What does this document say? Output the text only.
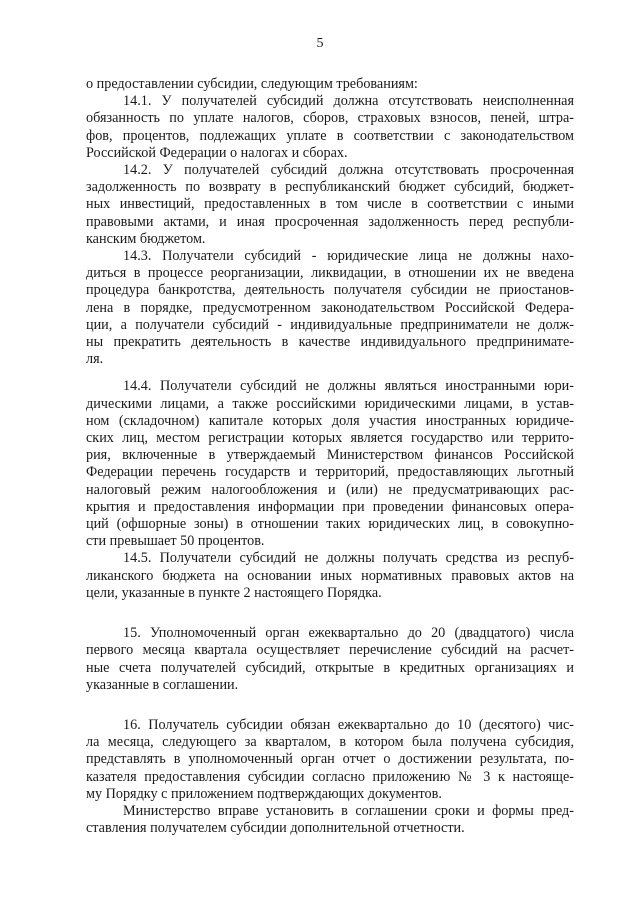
5
о предоставлении субсидии, следующим требованиям:
14.1. У получателей субсидий должна отсутствовать неисполненная
обязанность по уплате налогов, сборов, страховых взносов, пеней, штра-
фов, процентов, подлежащих уплате в соответствии с законодательством
Российской Федерации о налогах и сборах.
14.2. У получателей субсидий должна отсутствовать просроченная
задолженность по возврату в республиканский бюджет субсидий, бюджет-
ных инвестиций, предоставленных в том числе в соответствии с иными
правовыми актами, и иная просроченная задолженность перед республи-
канским бюджетом.
14.3. Получатели субсидий - юридические лица не должны нахо-
диться в процессе реорганизации, ликвидации, в отношении их не введена
процедура банкротства, деятельность получателя субсидии не приостанов-
лена в порядке, предусмотренном законодательством Российской Федера-
ции, а получатели субсидий - индивидуальные предприниматели не долж-
ны прекратить деятельность в качестве индивидуального предпринимате-
ля.
14.4. Получатели субсидий не должны являться иностранными юри-
дическими лицами, а также российскими юридическими лицами, в устав-
ном (складочном) капитале которых доля участия иностранных юридиче-
ских лиц, местом регистрации которых является государство или террито-
рия, включенные в утверждаемый Министерством финансов Российской
Федерации перечень государств и территорий, предоставляющих льготный
налоговый режим налогообложения и (или) не предусматривающих рас-
крытия и предоставления информации при проведении финансовых опера-
ций (офшорные зоны) в отношении таких юридических лиц, в совокупно-
сти превышает 50 процентов.
14.5. Получатели субсидий не должны получать средства из респуб-
ликанского бюджета на основании иных нормативных правовых актов на
цели, указанные в пункте 2 настоящего Порядка.
15. Уполномоченный орган ежеквартально до 20 (двадцатого) числа
первого месяца квартала осуществляет перечисление субсидий на расчет-
ные счета получателей субсидий, открытые в кредитных организациях и
указанные в соглашении.
16. Получатель субсидии обязан ежеквартально до 10 (десятого) чис-
ла месяца, следующего за кварталом, в котором была получена субсидия,
представлять в уполномоченный орган отчет о достижении результата, по-
казателя предоставления субсидии согласно приложению № 3 к настояще-
му Порядку с приложением подтверждающих документов.
Министерство вправе установить в соглашении сроки и формы пред-
ставления получателем субсидии дополнительной отчетности.
